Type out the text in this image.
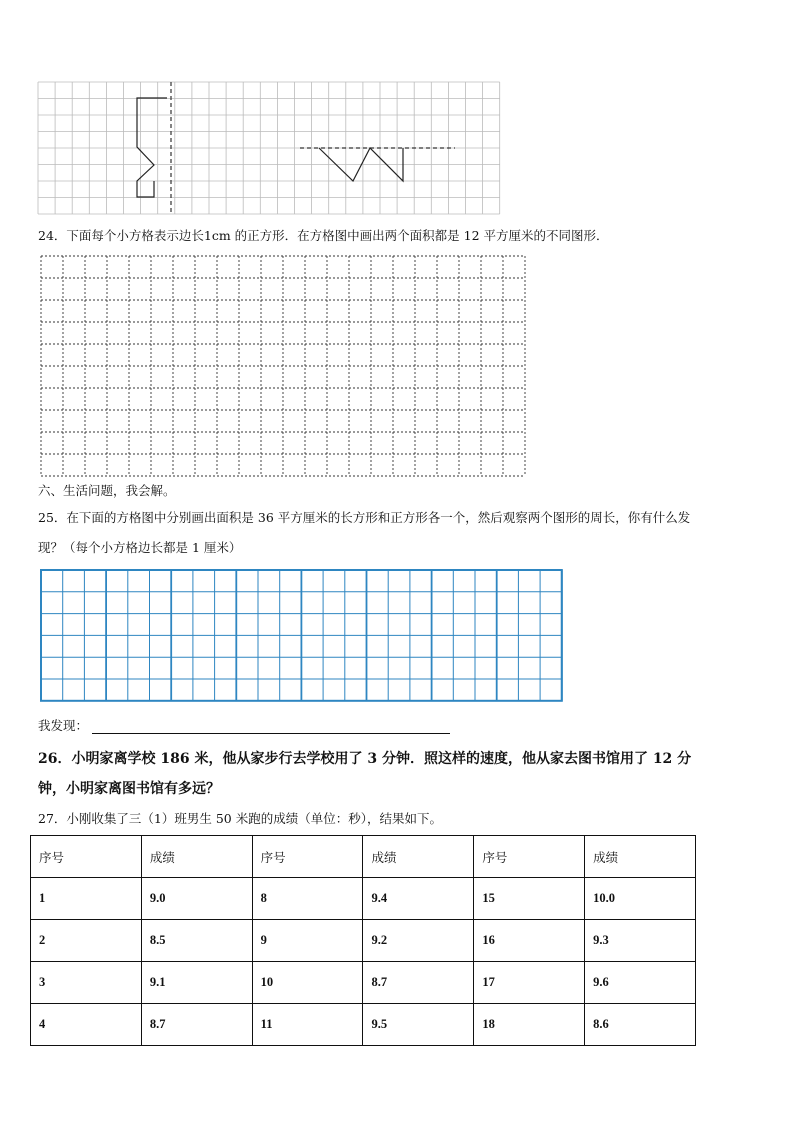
24．下面每个小方格表示边长1cm 的正方形．在方格图中画出两个面积都是 12 平方厘米的不同图形．
六、生活问题，我会解。
25．在下面的方格图中分别画出面积是 36 平方厘米的长方形和正方形各一个，然后观察两个图形的周长，你有什么发
现？（每个小方格边长都是 1 厘米）
我发现：
26．小明家离学校 186 米，他从家步行去学校用了 3 分钟．照这样的速度，他从家去图书馆用了 12 分
钟，小明家离图书馆有多远？
27．小刚收集了三（1）班男生 50 米跑的成绩（单位：秒），结果如下。
序号	成绩	序号	成绩	序号	成绩
1	9.0	8	9.4	15	10.0
2	8.5	9	9.2	16	9.3
3	9.1	10	8.7	17	9.6
4	8.7	11	9.5	18	8.6
